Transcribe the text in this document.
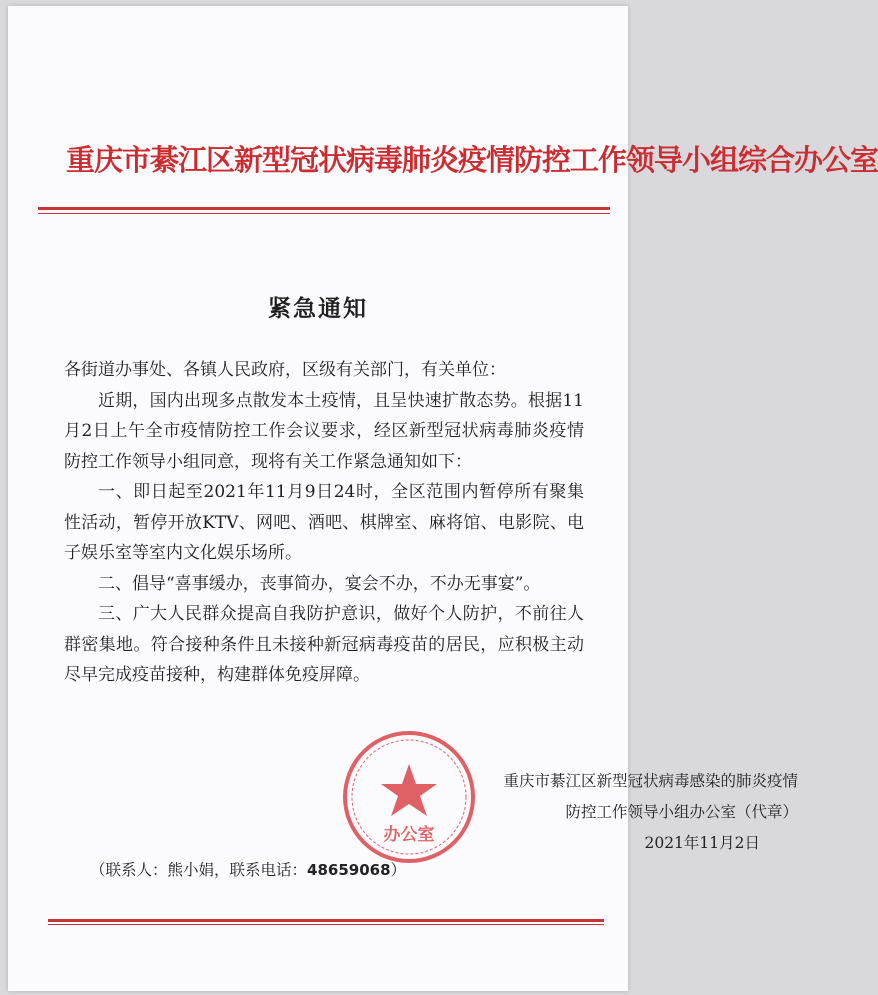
重庆市綦江区新型冠状病毒肺炎疫情防控工作领导小组综合办公室
紧急通知

各街道办事处、各镇人民政府，区级有关部门，有关单位：

近期，国内出现多点散发本土疫情，且呈快速扩散态势。根据11月2日上午全市疫情防控工作会议要求，经区新型冠状病毒肺炎疫情防控工作领导小组同意，现将有关工作紧急通知如下：

一、即日起至2021年11月9日24时，全区范围内暂停所有聚集性活动，暂停开放KTV、网吧、酒吧、棋牌室、麻将馆、电影院、电子娱乐室等室内文化娱乐场所。

二、倡导“喜事缓办，丧事简办，宴会不办，不办无事宴”。

三、广大人民群众提高自我防护意识，做好个人防护，不前往人群密集地。符合接种条件且未接种新冠病毒疫苗的居民，应积极主动尽早完成疫苗接种，构建群体免疫屏障。

重庆市綦江区新型冠状病毒感染的肺炎疫情
防控工作领导小组办公室（代章）
2021年11月2日
办公室
（联系人：熊小娟，联系电话：48659068）
